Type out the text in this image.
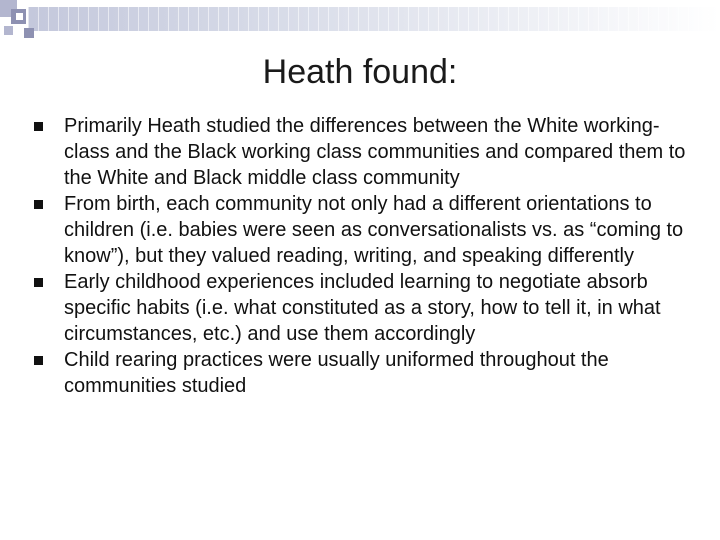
Heath found:
Primarily Heath studied the differences between the White working-class and the Black working class communities and compared them to the White and Black middle class community
From birth, each community not only had a different orientations to children (i.e. babies were seen as conversationalists vs. as “coming to know”), but they valued reading, writing, and speaking differently
Early childhood experiences included learning to negotiate absorb specific habits (i.e. what constituted as a story, how to tell it, in what circumstances, etc.) and use them accordingly
Child rearing practices were usually uniformed throughout the communities studied
